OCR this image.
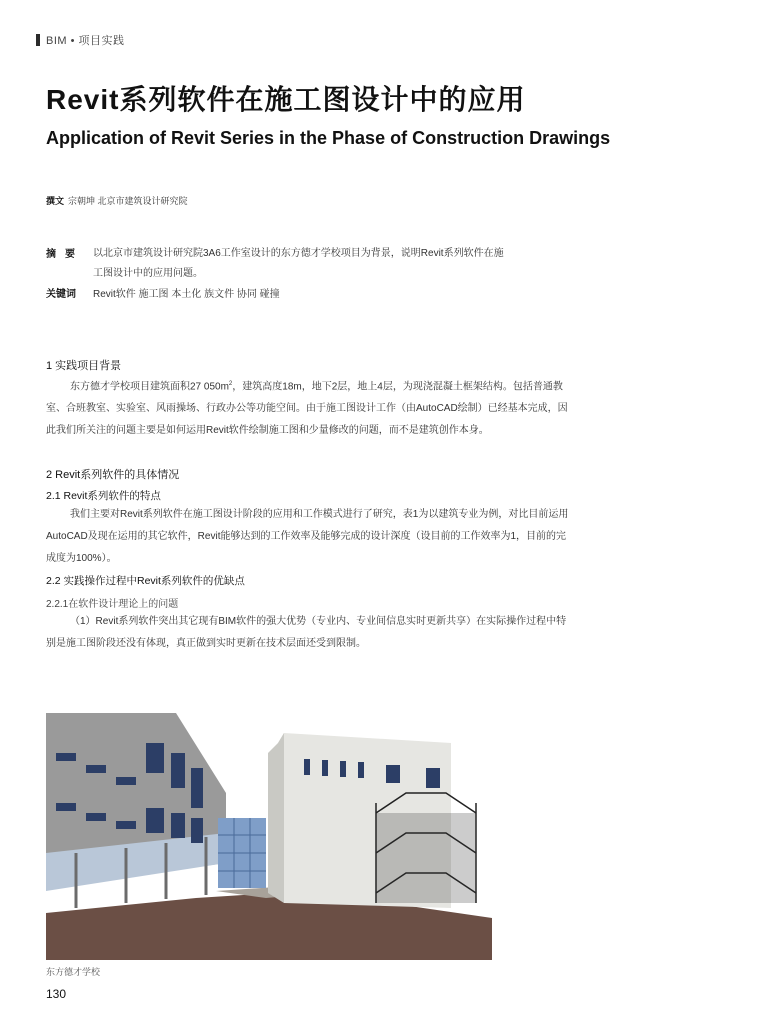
BIM • 项目实践
Revit系列软件在施工图设计中的应用
Application of Revit Series in the Phase of Construction Drawings
撰文 宗朝坤 北京市建筑设计研究院
摘要 以北京市建筑设计研究院3A6工作室设计的东方德才学校项目为背景，说明Revit系列软件在施工图设计中的应用问题。
关键词 Revit软件 施工图 本土化 族文件 协同 碰撞
1 实践项目背景

东方德才学校项目建筑面积27 $050m^2$，建筑高度18m，地下2层，地上4层，为现浇混凝土框架结构。包括普通教室、合班教室、实验室、风雨操场、行政办公等功能空间。由于施工图设计工作（由AutoCAD绘制）已经基本完成，因此我们所关注的问题主要是如何运用Revit软件绘制施工图和少量修改的问题，而不是建筑创作本身。

2 Revit系列软件的具体情况
2.1 Revit系列软件的特点

我们主要对Revit系列软件在施工图设计阶段的应用和工作模式进行了研究，表1为以建筑专业为例，对比目前运用AutoCAD及现在运用的其它软件，Revit能够达到的工作效率及能够完成的设计深度（设目前的工作效率为1，目前的完成度为100%）。

2.2 实践操作过程中Revit系列软件的优缺点
2.2.1在软件设计理论上的问题

（1）Revit系列软件突出其它现有BIM软件的强大优势（专业内、专业间信息实时更新共享）在实际操作过程中特别是施工图阶段还没有体现，真正做到实时更新在技术层面还受到限制。

东方德才学校
130
